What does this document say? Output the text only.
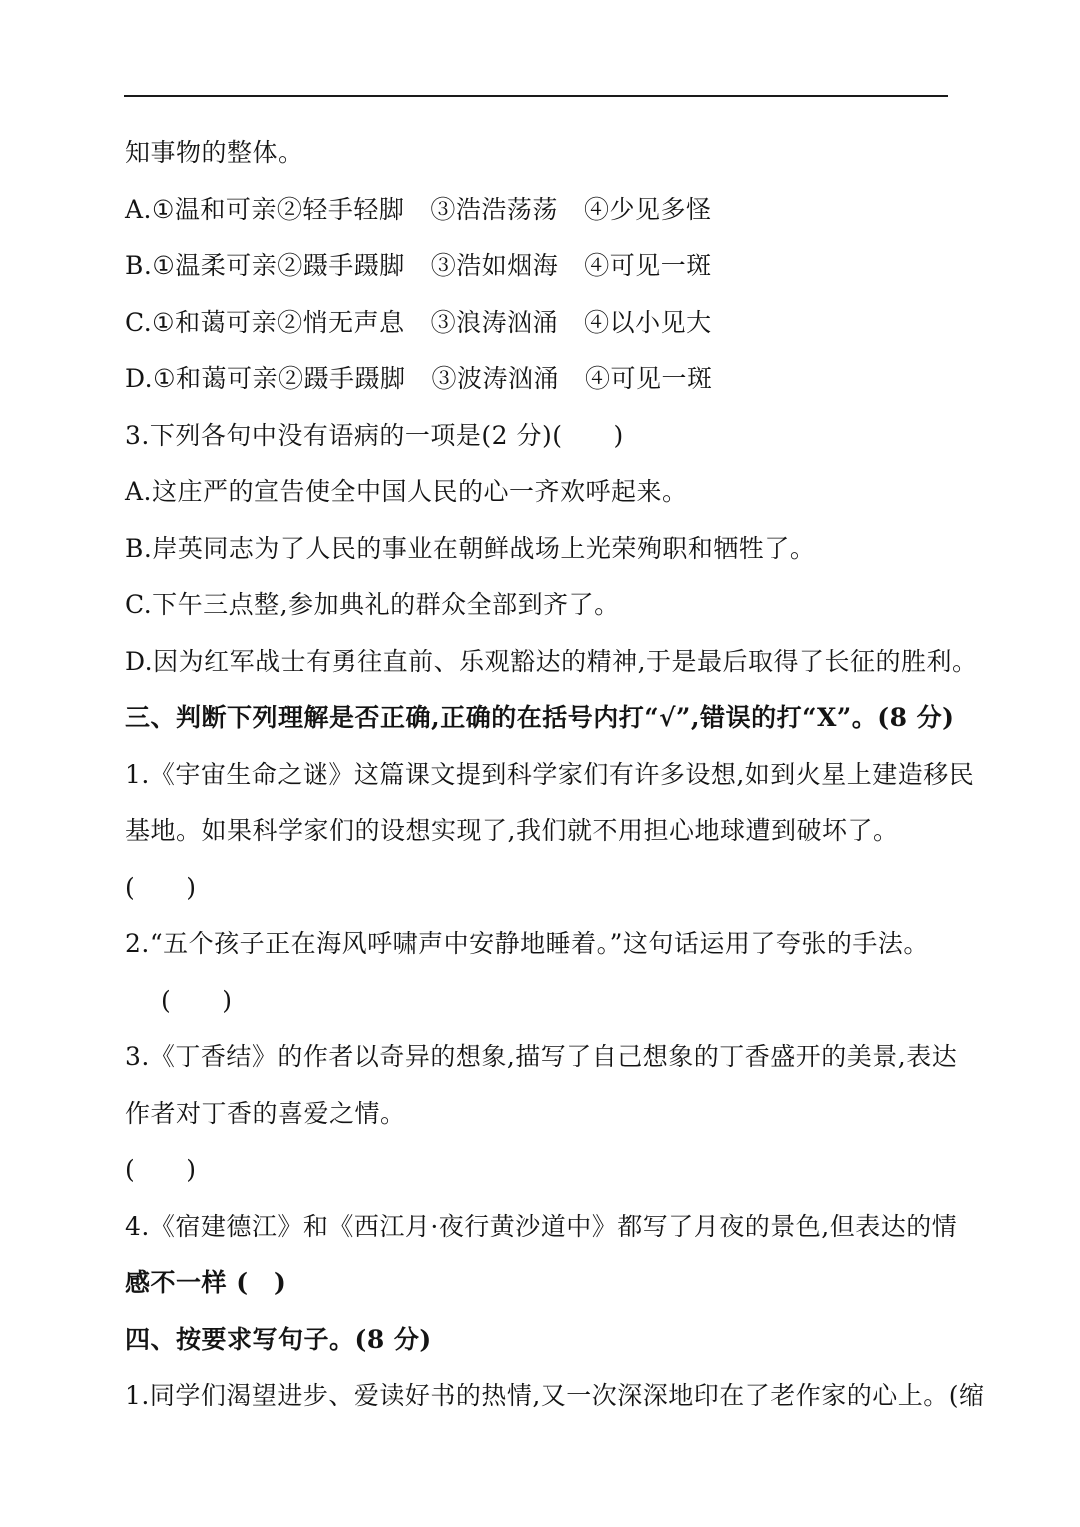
知事物的整体。
A.①温和可亲②轻手轻脚 ③浩浩荡荡 ④少见多怪
B.①温柔可亲②蹑手蹑脚 ③浩如烟海 ④可见一斑
C.①和蔼可亲②悄无声息 ③浪涛汹涌 ④以小见大
D.①和蔼可亲②蹑手蹑脚 ③波涛汹涌 ④可见一斑
3.下列各句中没有语病的一项是(2 分)(　　)
A.这庄严的宣告使全中国人民的心一齐欢呼起来。
B.岸英同志为了人民的事业在朝鲜战场上光荣殉职和牺牲了。
C.下午三点整,参加典礼的群众全部到齐了。
D.因为红军战士有勇往直前、乐观豁达的精神,于是最后取得了长征的胜利。
三、判断下列理解是否正确,正确的在括号内打“√”,错误的打“X”。(8 分)
1.《宇宙生命之谜》这篇课文提到科学家们有许多设想,如到火星上建造移民
基地。如果科学家们的设想实现了,我们就不用担心地球遭到破坏了。
(　　)
2.“五个孩子正在海风呼啸声中安静地睡着。”这句话运用了夸张的手法。
(　　)
3.《丁香结》的作者以奇异的想象,描写了自己想象的丁香盛开的美景,表达
作者对丁香的喜爱之情。
(　　)
4.《宿建德江》和《西江月·夜行黄沙道中》都写了月夜的景色,但表达的情
感不一样 (　)
四、按要求写句子。(8 分)
1.同学们渴望进步、爱读好书的热情,又一次深深地印在了老作家的心上。(缩
